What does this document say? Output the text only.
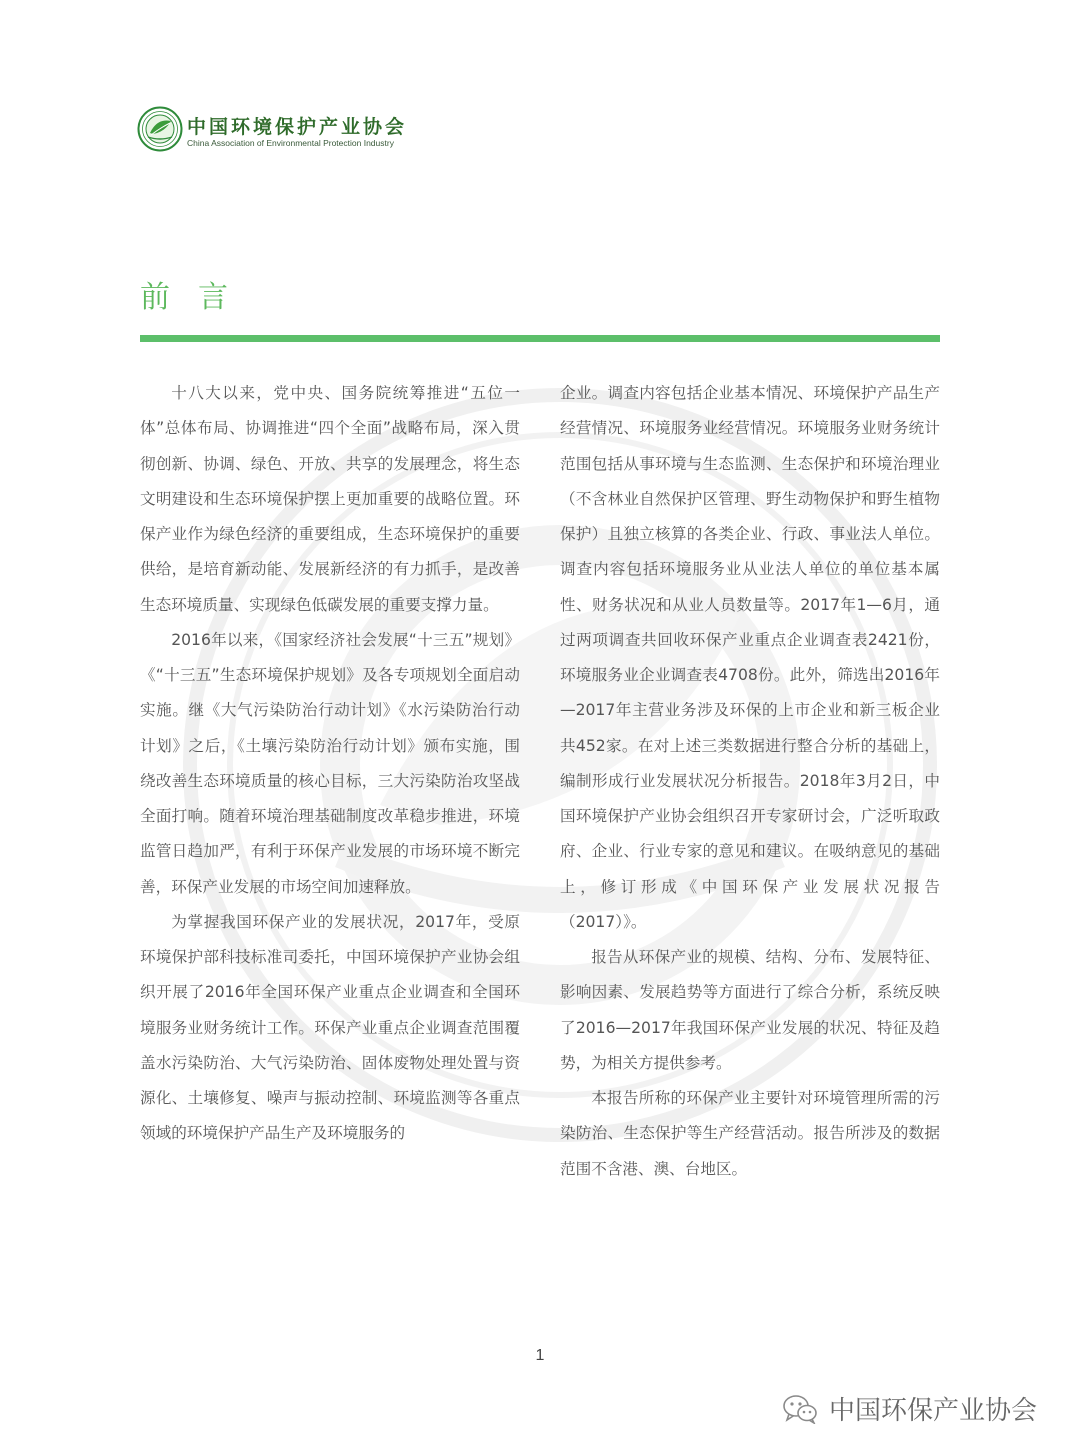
中国环境保护产业协会
China Association of Environmental Protection Industry
前言

十八大以来，党中央、国务院统筹推进“五位一体”总体布局、协调推进“四个全面”战略布局，深入贯彻创新、协调、绿色、开放、共享的发展理念，将生态文明建设和生态环境保护摆上更加重要的战略位置。环保产业作为绿色经济的重要组成，生态环境保护的重要供给，是培育新动能、发展新经济的有力抓手，是改善生态环境质量、实现绿色低碳发展的重要支撑力量。

2016年以来，《国家经济社会发展“十三五”规划》《“十三五”生态环境保护规划》及各专项规划全面启动实施。继《大气污染防治行动计划》《水污染防治行动计划》之后，《土壤污染防治行动计划》颁布实施，围绕改善生态环境质量的核心目标，三大污染防治攻坚战全面打响。随着环境治理基础制度改革稳步推进，环境监管日趋加严，有利于环保产业发展的市场环境不断完善，环保产业发展的市场空间加速释放。

为掌握我国环保产业的发展状况，2017年，受原环境保护部科技标准司委托，中国环境保护产业协会组织开展了2016年全国环保产业重点企业调查和全国环境服务业财务统计工作。环保产业重点企业调查范围覆盖水污染防治、大气污染防治、固体废物处理处置与资源化、土壤修复、噪声与振动控制、环境监测等各重点领域的环境保护产品生产及环境服务的

企业。调查内容包括企业基本情况、环境保护产品生产经营情况、环境服务业经营情况。环境服务业财务统计范围包括从事环境与生态监测、生态保护和环境治理业（不含林业自然保护区管理、野生动物保护和野生植物保护）且独立核算的各类企业、行政、事业法人单位。调查内容包括环境服务业从业法人单位的单位基本属性、财务状况和从业人员数量等。2017年1—6月，通过两项调查共回收环保产业重点企业调查表2421份，环境服务业企业调查表4708份。此外，筛选出2016年—2017年主营业务涉及环保的上市企业和新三板企业共452家。在对上述三类数据进行整合分析的基础上，编制形成行业发展状况分析报告。2018年3月2日，中国环境保护产业协会组织召开专家研讨会，广泛听取政府、企业、行业专家的意见和建议。在吸纳意见的基础上，修订形成《中国环保产业发展状况报告（2017）》。

报告从环保产业的规模、结构、分布、发展特征、影响因素、发展趋势等方面进行了综合分析，系统反映了2016—2017年我国环保产业发展的状况、特征及趋势，为相关方提供参考。

本报告所称的环保产业主要针对环境管理所需的污染防治、生态保护等生产经营活动。报告所涉及的数据范围不含港、澳、台地区。

1
中国环保产业协会
